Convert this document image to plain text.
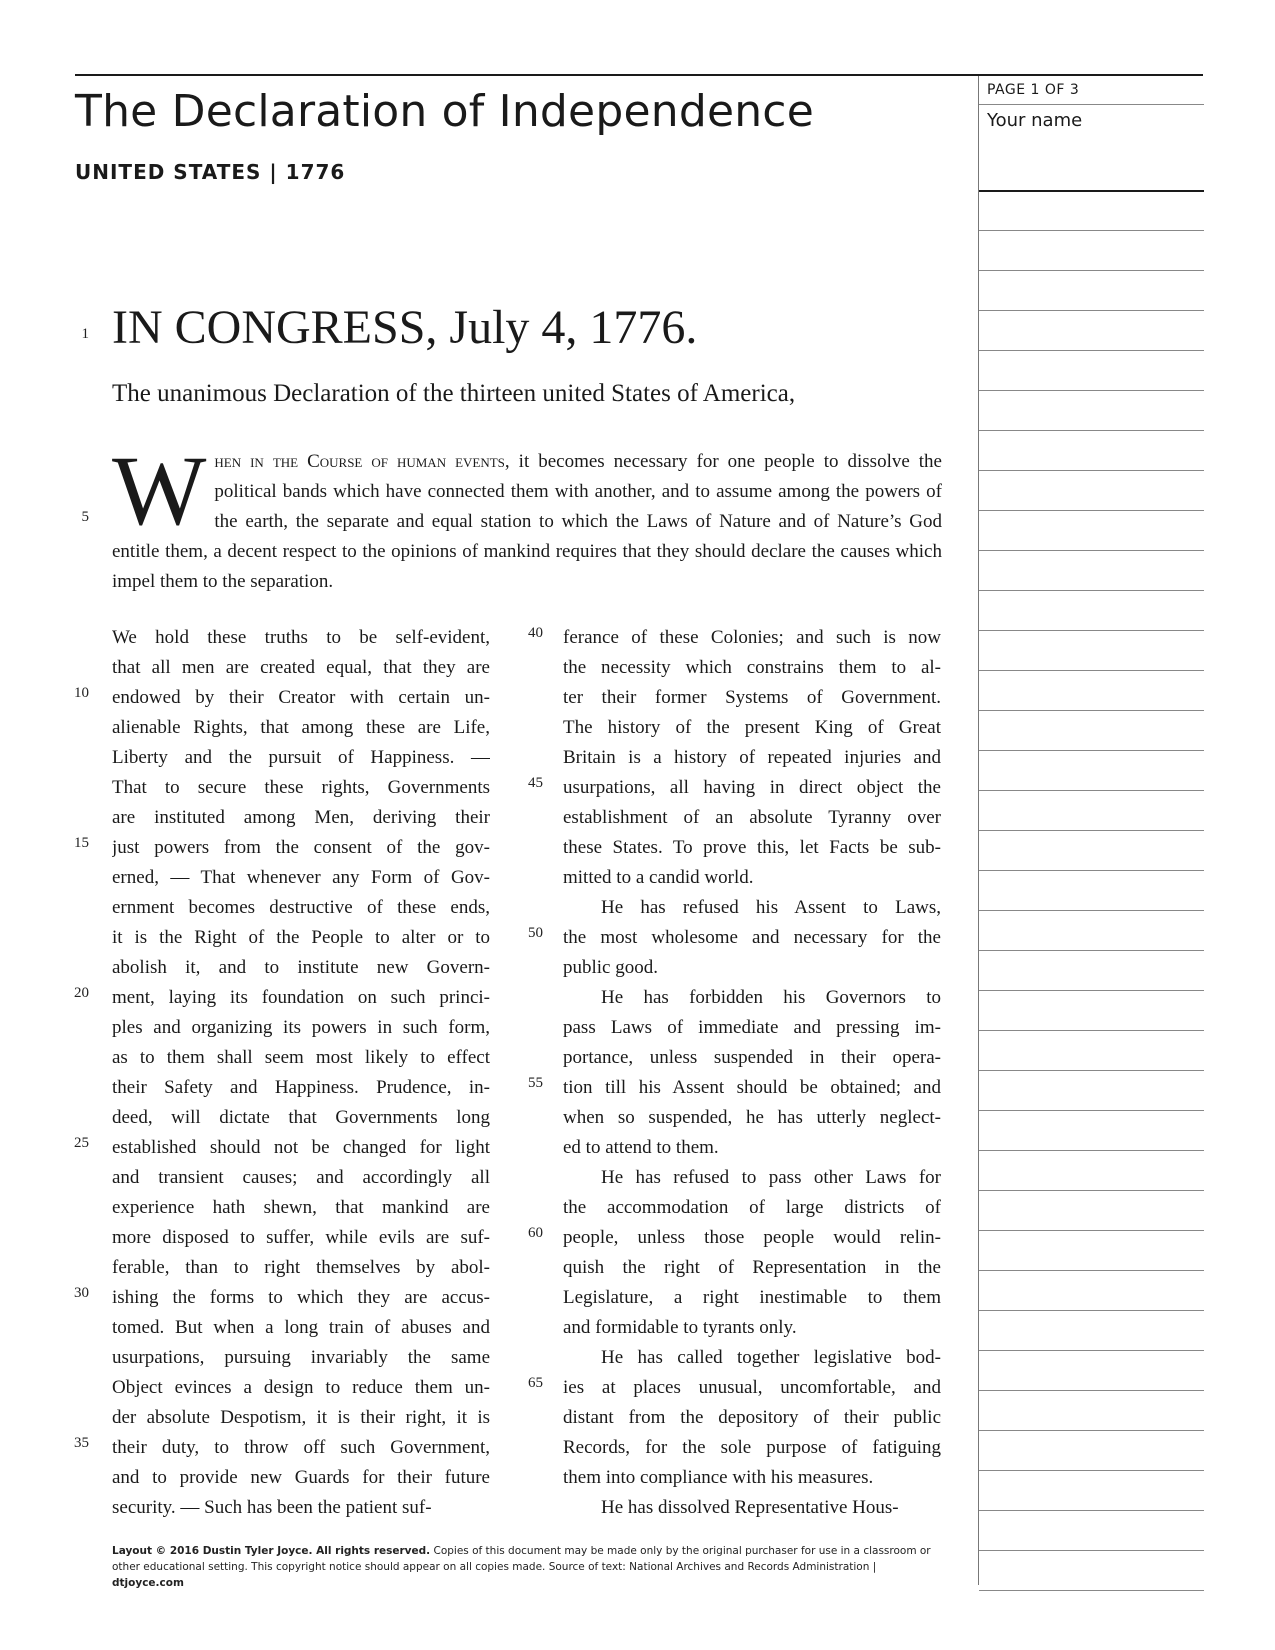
The Declaration of Independence
UNITED STATES | 1776
PAGE 1 OF 3
Your name
1 IN CONGRESS, July 4, 1776.
The unanimous Declaration of the thirteen united States of America,
5 When in the Course of human events, it becomes necessary for one people to dissolve the political bands which have connected them with another, and to assume among the powers of the earth, the separate and equal station to which the Laws of Nature and of Nature’s God entitle them, a decent respect to the opinions of mankind requires that they should declare the causes which impel them to the separation.

10
15
20
25
30
35
40
45
50
55
60
65
We hold these truths to be self-evident,
that all men are created equal, that they are
endowed by their Creator with certain un-
alienable Rights, that among these are Life,
Liberty and the pursuit of Happiness. —
That to secure these rights, Governments
are instituted among Men, deriving their
just powers from the consent of the gov-
erned, — That whenever any Form of Gov-
ernment becomes destructive of these ends,
it is the Right of the People to alter or to
abolish it, and to institute new Govern-
ment, laying its foundation on such princi-
ples and organizing its powers in such form,
as to them shall seem most likely to effect
their Safety and Happiness. Prudence, in-
deed, will dictate that Governments long
established should not be changed for light
and transient causes; and accordingly all
experience hath shewn, that mankind are
more disposed to suffer, while evils are suf-
ferable, than to right themselves by abol-
ishing the forms to which they are accus-
tomed. But when a long train of abuses and
usurpations, pursuing invariably the same
Object evinces a design to reduce them un-
der absolute Despotism, it is their right, it is
their duty, to throw off such Government,
and to provide new Guards for their future
security. — Such has been the patient suf-
ferance of these Colonies; and such is now
the necessity which constrains them to al-
ter their former Systems of Government.
The history of the present King of Great
Britain is a history of repeated injuries and
usurpations, all having in direct object the
establishment of an absolute Tyranny over
these States. To prove this, let Facts be sub-
mitted to a candid world.
He has refused his Assent to Laws,
the most wholesome and necessary for the
public good.
He has forbidden his Governors to
pass Laws of immediate and pressing im-
portance, unless suspended in their opera-
tion till his Assent should be obtained; and
when so suspended, he has utterly neglect-
ed to attend to them.
He has refused to pass other Laws for
the accommodation of large districts of
people, unless those people would relin-
quish the right of Representation in the
Legislature, a right inestimable to them
and formidable to tyrants only.
He has called together legislative bod-
ies at places unusual, uncomfortable, and
distant from the depository of their public
Records, for the sole purpose of fatiguing
them into compliance with his measures.
He has dissolved Representative Hous-
Layout © 2016 Dustin Tyler Joyce. All rights reserved. Copies of this document may be made only by the original purchaser for use in a classroom or other educational setting. This copyright notice should appear on all copies made. Source of text: National Archives and Records Administration | dtjoyce.com
